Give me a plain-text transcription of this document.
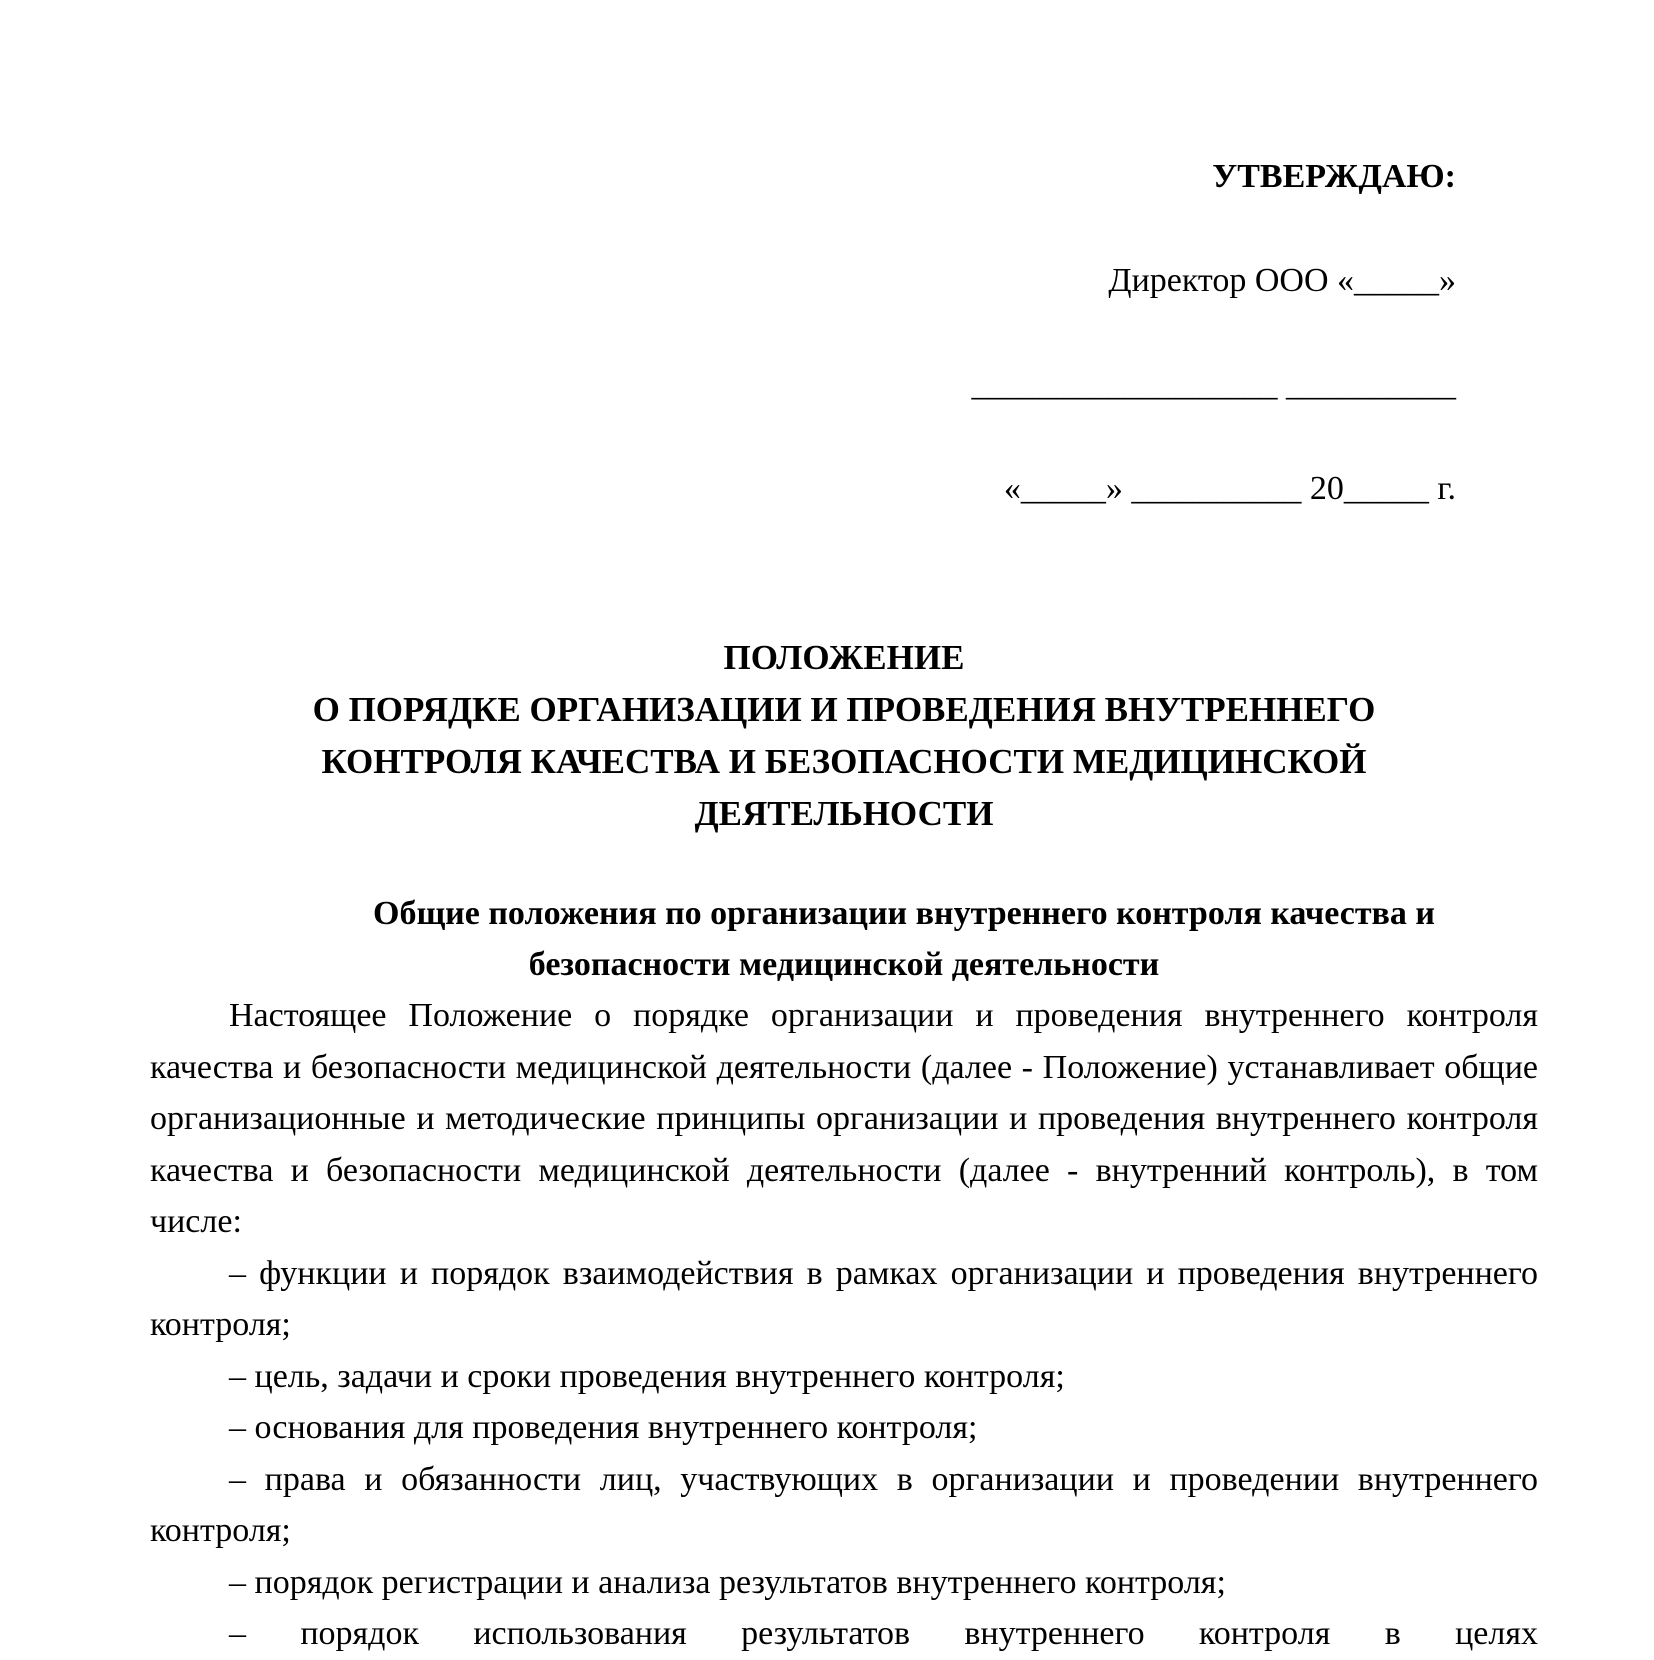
УТВЕРЖДАЮ:
Директор ООО «_____»
__________________ __________
«_____» __________ 20_____ г.
ПОЛОЖЕНИЕ
О ПОРЯДКЕ ОРГАНИЗАЦИИ И ПРОВЕДЕНИЯ ВНУТРЕННЕГО
КОНТРОЛЯ КАЧЕСТВА И БЕЗОПАСНОСТИ МЕДИЦИНСКОЙ
ДЕЯТЕЛЬНОСТИ
Общие положения по организации внутреннего контроля качества и
безопасности медицинской деятельности

Настоящее Положение о порядке организации и проведения внутреннего контроля качества и безопасности медицинской деятельности (далее - Положение) устанавливает общие организационные и методические принципы организации и проведения внутреннего контроля качества и безопасности медицинской деятельности (далее - внутренний контроль), в том числе:

– функции и порядок взаимодействия в рамках организации и проведения внутреннего контроля;

– цель, задачи и сроки проведения внутреннего контроля;

– основания для проведения внутреннего контроля;

– права и обязанности лиц, участвующих в организации и проведении внутреннего контроля;

– порядок регистрации и анализа результатов внутреннего контроля;

– порядок использования результатов внутреннего контроля в целях
